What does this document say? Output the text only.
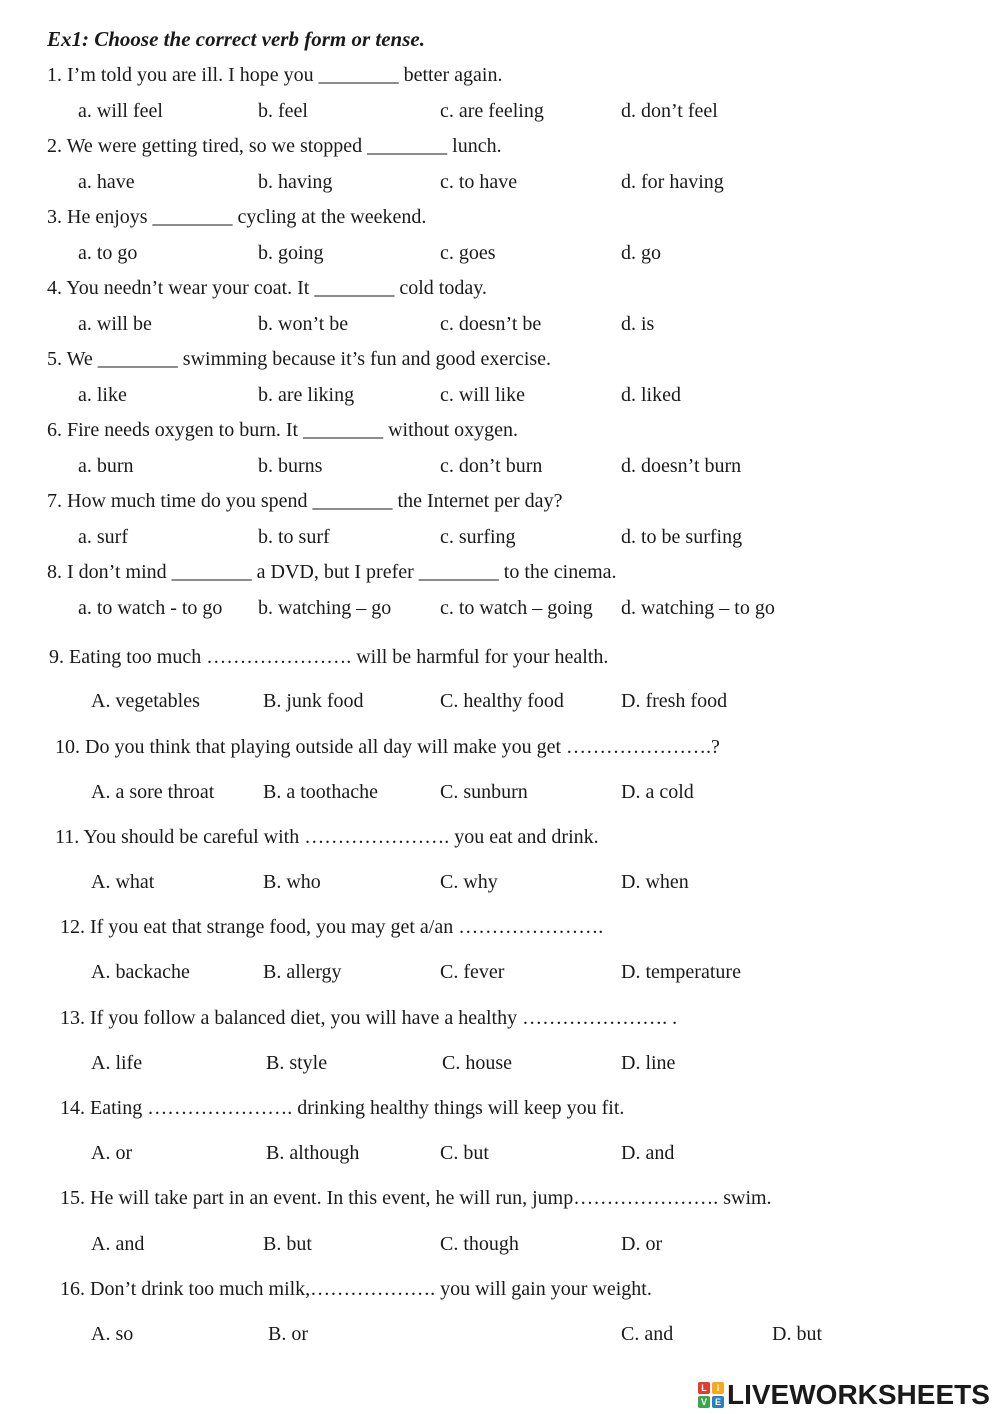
Ex1: Choose the correct verb form or tense.
1. I’m told you are ill. I hope you ________ better again.
a. will feel	b. feel	c. are feeling	d. don’t feel
2. We were getting tired, so we stopped ________ lunch.
a. have	b. having	c. to have	d. for having
3. He enjoys ________ cycling at the weekend.
a. to go	b. going	c. goes	d. go
4. You needn’t wear your coat. It ________ cold today.
a. will be	b. won’t be	c. doesn’t be	d. is
5. We ________ swimming because it’s fun and good exercise.
a. like	b. are liking	c. will like	d. liked
6. Fire needs oxygen to burn. It ________ without oxygen.
a. burn	b. burns	c. don’t burn	d. doesn’t burn
7. How much time do you spend ________ the Internet per day?
a. surf	b. to surf	c. surfing	d. to be surfing
8. I don’t mind ________ a DVD, but I prefer ________ to the cinema.
a. to watch - to go b. watching – go c. to watch – going d. watching – to go
9. Eating too much …………………. will be harmful for your health.
A. vegetables	B. junk food	C. healthy food	D. fresh food
10. Do you think that playing outside all day will make you get ………………….?
A. a sore throat B. a toothache	C. sunburn	D. a cold
11. You should be careful with …………………. you eat and drink.
A. what	B. who	C. why	D. when
12. If you eat that strange food, you may get a/an ………………….
A. backache	B. allergy	C. fever	D. temperature
13. If you follow a balanced diet, you will have a healthy …………………. .
A. life	B. style	C. house	D. line
14. Eating …………………. drinking healthy things will keep you fit.
A. or	B. although	C. but	D. and
15. He will take part in an event. In this event, he will run, jump…………………. swim.
A. and	B. but	C. though	D. or
16. Don’t drink too much milk,………………. you will gain your weight.
A. so	B. or	C. and	D. but
L	I
V E LIVEWORKSHEETS
